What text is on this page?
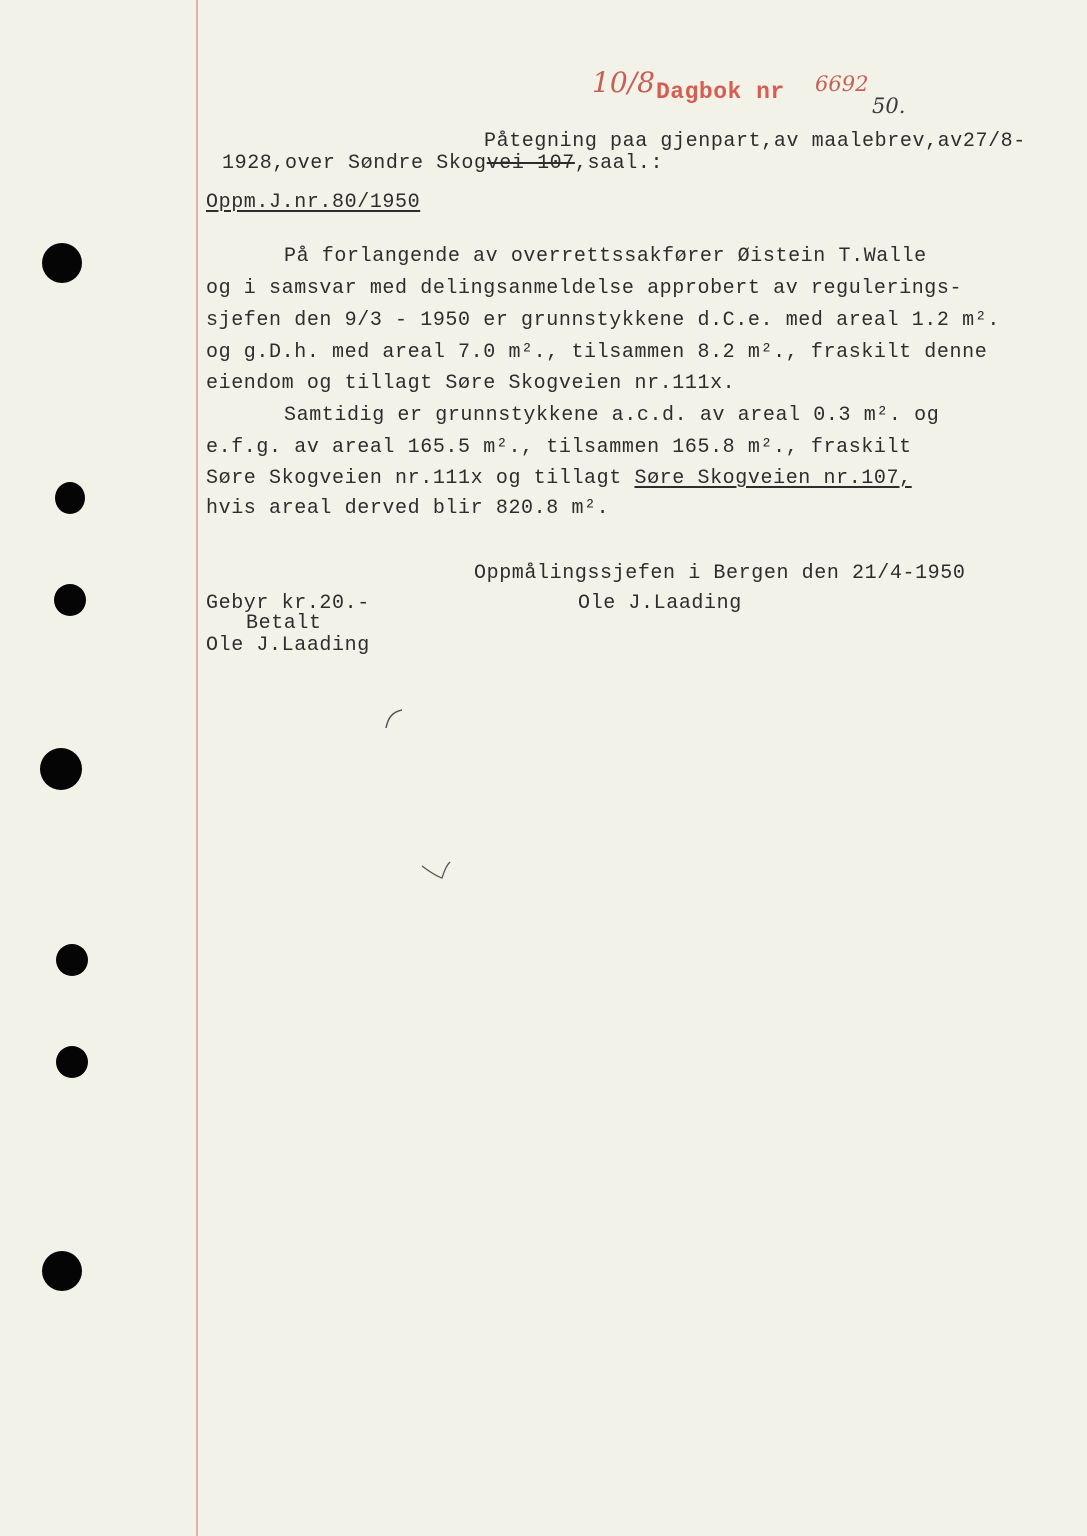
10/8 Dagbok nr 6692
50.
Påtegning paa gjenpart,av maalebrev,av27/8-
1928,over Søndre Skogvei 107,saal.:
Oppm.J.nr.80/1950
På forlangende av overrettssakfører Øistein T.Walle
og i samsvar med delingsanmeldelse approbert av regulerings-
sjefen den 9/3 - 1950 er grunnstykkene d.C.e. med areal 1.2 m².
og g.D.h. med areal 7.0 m²., tilsammen 8.2 m²., fraskilt denne
eiendom og tillagt Søre Skogveien nr.111x.
Samtidig er grunnstykkene a.c.d. av areal 0.3 m². og
e.f.g. av areal 165.5 m²., tilsammen 165.8 m²., fraskilt
Søre Skogveien nr.111x og tillagt Søre Skogveien nr.107,
hvis areal derved blir 820.8 m².
Oppmålingssjefen i Bergen den 21/4-1950
Ole J.Laading
Gebyr kr.20.-
Betalt
Ole J.Laading
